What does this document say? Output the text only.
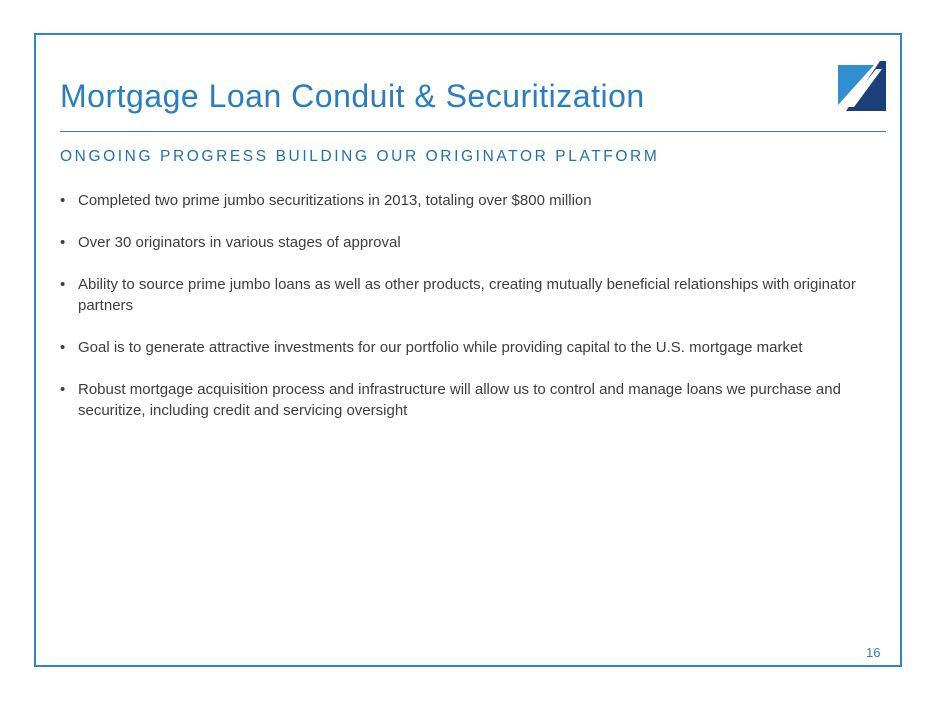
Mortgage Loan Conduit & Securitization
ONGOING PROGRESS BUILDING OUR ORIGINATOR PLATFORM
• Completed two prime jumbo securitizations in 2013, totaling over $800 million
• Over 30 originators in various stages of approval
• Ability to source prime jumbo loans as well as other products, creating mutually beneficial relationships with originator partners
• Goal is to generate attractive investments for our portfolio while providing capital to the U.S. mortgage market
• Robust mortgage acquisition process and infrastructure will allow us to control and manage loans we purchase and securitize, including credit and servicing oversight
16
